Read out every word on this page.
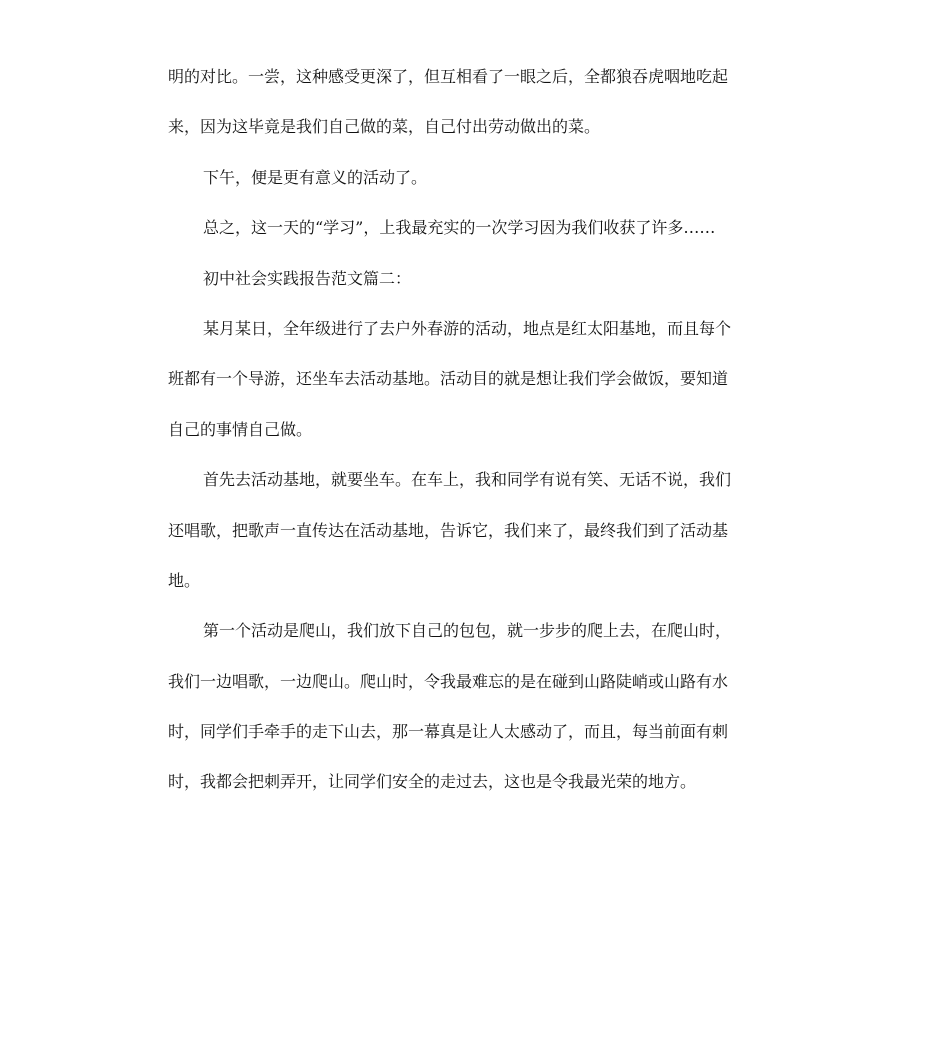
明的对比。一尝，这种感受更深了，但互相看了一眼之后，全都狼吞虎咽地吃起
来，因为这毕竟是我们自己做的菜，自己付出劳动做出的菜。
下午，便是更有意义的活动了。
总之，这一天的“学习”，上我最充实的一次学习因为我们收获了许多……
初中社会实践报告范文篇二：
某月某日，全年级进行了去户外春游的活动，地点是红太阳基地，而且每个
班都有一个导游，还坐车去活动基地。活动目的就是想让我们学会做饭，要知道
自己的事情自己做。
首先去活动基地，就要坐车。在车上，我和同学有说有笑、无话不说，我们
还唱歌，把歌声一直传达在活动基地，告诉它，我们来了，最终我们到了活动基
地。
第一个活动是爬山，我们放下自己的包包，就一步步的爬上去，在爬山时，
我们一边唱歌，一边爬山。爬山时，令我最难忘的是在碰到山路陡峭或山路有水
时，同学们手牵手的走下山去，那一幕真是让人太感动了，而且，每当前面有刺
时，我都会把刺弄开，让同学们安全的走过去，这也是令我最光荣的地方。
